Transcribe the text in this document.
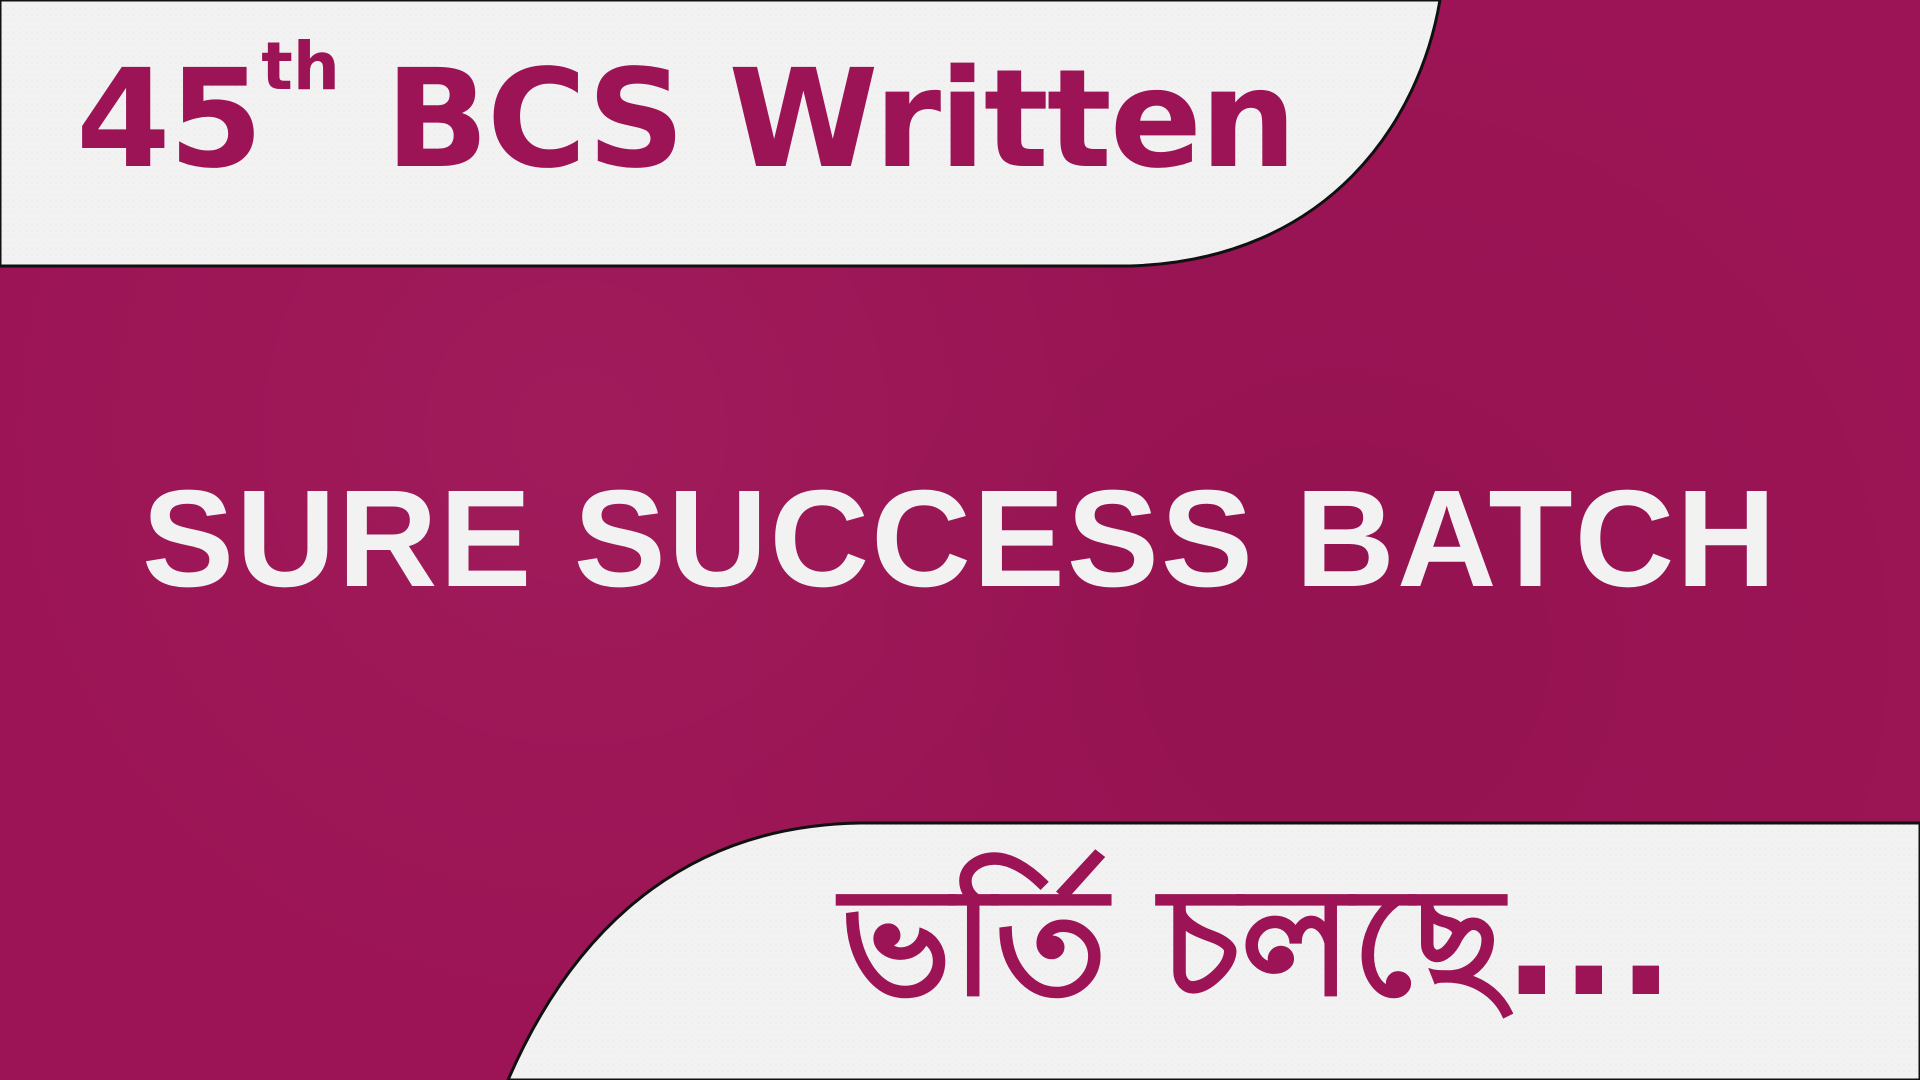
45th BCS Written
SURE SUCCESS BATCH
ভর্তি চলছে...
